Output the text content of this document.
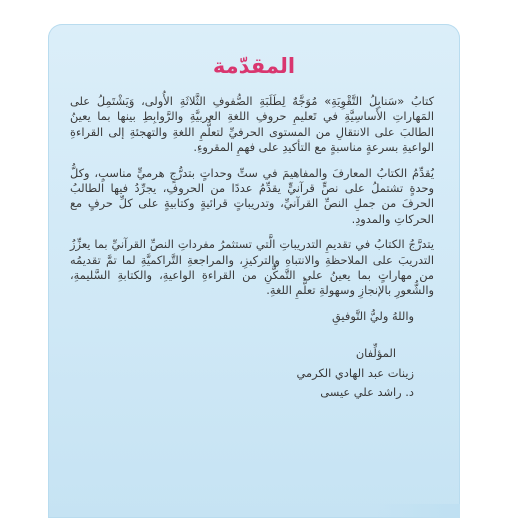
المقدّمة

كتابُ «سَنابِلُ التَّقْوِيَةِ» مُوَجَّهٌ لِطَلَبَةِ الصُّفوفِ الثَّلاثَةِ الأُولى، وَيَشْتَمِلُ على المَهاراتِ الأَساسِيَّةِ في تَعليمِ حروفِ اللغةِ العربيَّةِ والرَّوابِطِ بينها بما يعينُ الطالبَ على الانتقالِ من المستوى الحرفيِّ لتعلُّمِ اللغةِ والتهجئةِ إلى القراءةِ الواعيةِ بسرعةٍ مناسبةٍ مع التأكيدِ على فهمِ المقروءِ.

يُقدِّمُ الكتابُ المعارفَ والمفاهيمَ في ستِّ وحداتٍ بتدرُّجٍ هرميٍّ مناسبٍ، وكلُّ وحدةٍ تشتملُ على نصٍّ قرآنيٍّ يقدِّمُ عددًا من الحروفِ، يجرِّدُ فيها الطالبُ الحرفَ من جملِ النصِّ القرآنيِّ، وتدريباتٍ قرائيةٍ وكتابيةٍ على كلِّ حرفٍ مع الحركاتِ والمدودِ.

يتدرَّجُ الكتابُ في تقديمِ التدريباتِ الَّتي تستثمرُ مفرداتِ النصِّ القرآنيِّ بما يعزِّزُ التدريبَ على الملاحظةِ والانتباهِ والتركيزِ، والمراجعةِ التَّراكميَّةِ لما تمَّ تقديمُه من مهاراتٍ بما يعينُ على التَّمكُّنِ من القراءةِ الواعيةِ، والكتابةِ السَّليمةِ، والشُّعورِ بالإنجازِ وسهولةِ تعلُّمِ اللغةِ.

واللهُ وليُّ التَّوفيقِ
المؤلِّفان
زينات عبد الهادي الكرمي
د. راشد علي عيسى
